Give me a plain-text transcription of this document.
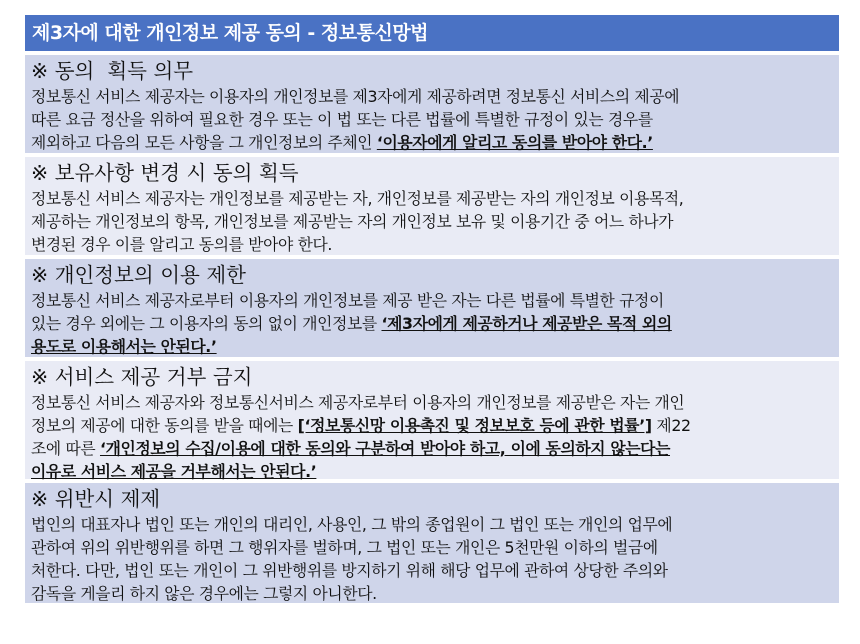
제3자에 대한 개인정보 제공 동의 - 정보통신망법
※ 동의  획득 의무
정보통신 서비스 제공자는 이용자의 개인정보를 제3자에게 제공하려면 정보통신 서비스의 제공에
따른 요금 정산을 위하여 필요한 경우 또는 이 법 또는 다른 법률에 특별한 규정이 있는 경우를
제외하고 다음의 모든 사항을 그 개인정보의 주체인 ‘이용자에게 알리고 동의를 받아야 한다.’
※ 보유사항 변경 시 동의 획득
정보통신 서비스 제공자는 개인정보를 제공받는 자, 개인정보를 제공받는 자의 개인정보 이용목적,
제공하는 개인정보의 항목, 개인정보를 제공받는 자의 개인정보 보유 및 이용기간 중 어느 하나가
변경된 경우 이를 알리고 동의를 받아야 한다.
※ 개인정보의 이용 제한
정보통신 서비스 제공자로부터 이용자의 개인정보를 제공 받은 자는 다른 법률에 특별한 규정이
있는 경우 외에는 그 이용자의 동의 없이 개인정보를 ‘제3자에게 제공하거나 제공받은 목적 외의
용도로 이용해서는 안된다.’
※ 서비스 제공 거부 금지
정보통신 서비스 제공자와 정보통신서비스 제공자로부터 이용자의 개인정보를 제공받은 자는 개인
정보의 제공에 대한 동의를 받을 때에는 [‘정보통신망 이용촉진 및 정보보호 등에 관한 법률’] 제22
조에 따른 ‘개인정보의 수집/이용에 대한 동의와 구분하여 받아야 하고, 이에 동의하지 않는다는
이유로 서비스 제공을 거부해서는 안된다.’
※ 위반시 제제
법인의 대표자나 법인 또는 개인의 대리인, 사용인, 그 밖의 종업원이 그 법인 또는 개인의 업무에
관하여 위의 위반행위를 하면 그 행위자를 벌하며, 그 법인 또는 개인은 5천만원 이하의 벌금에
처한다. 다만, 법인 또는 개인이 그 위반행위를 방지하기 위해 해당 업무에 관하여 상당한 주의와
감독을 게을리 하지 않은 경우에는 그렇지 아니한다.
